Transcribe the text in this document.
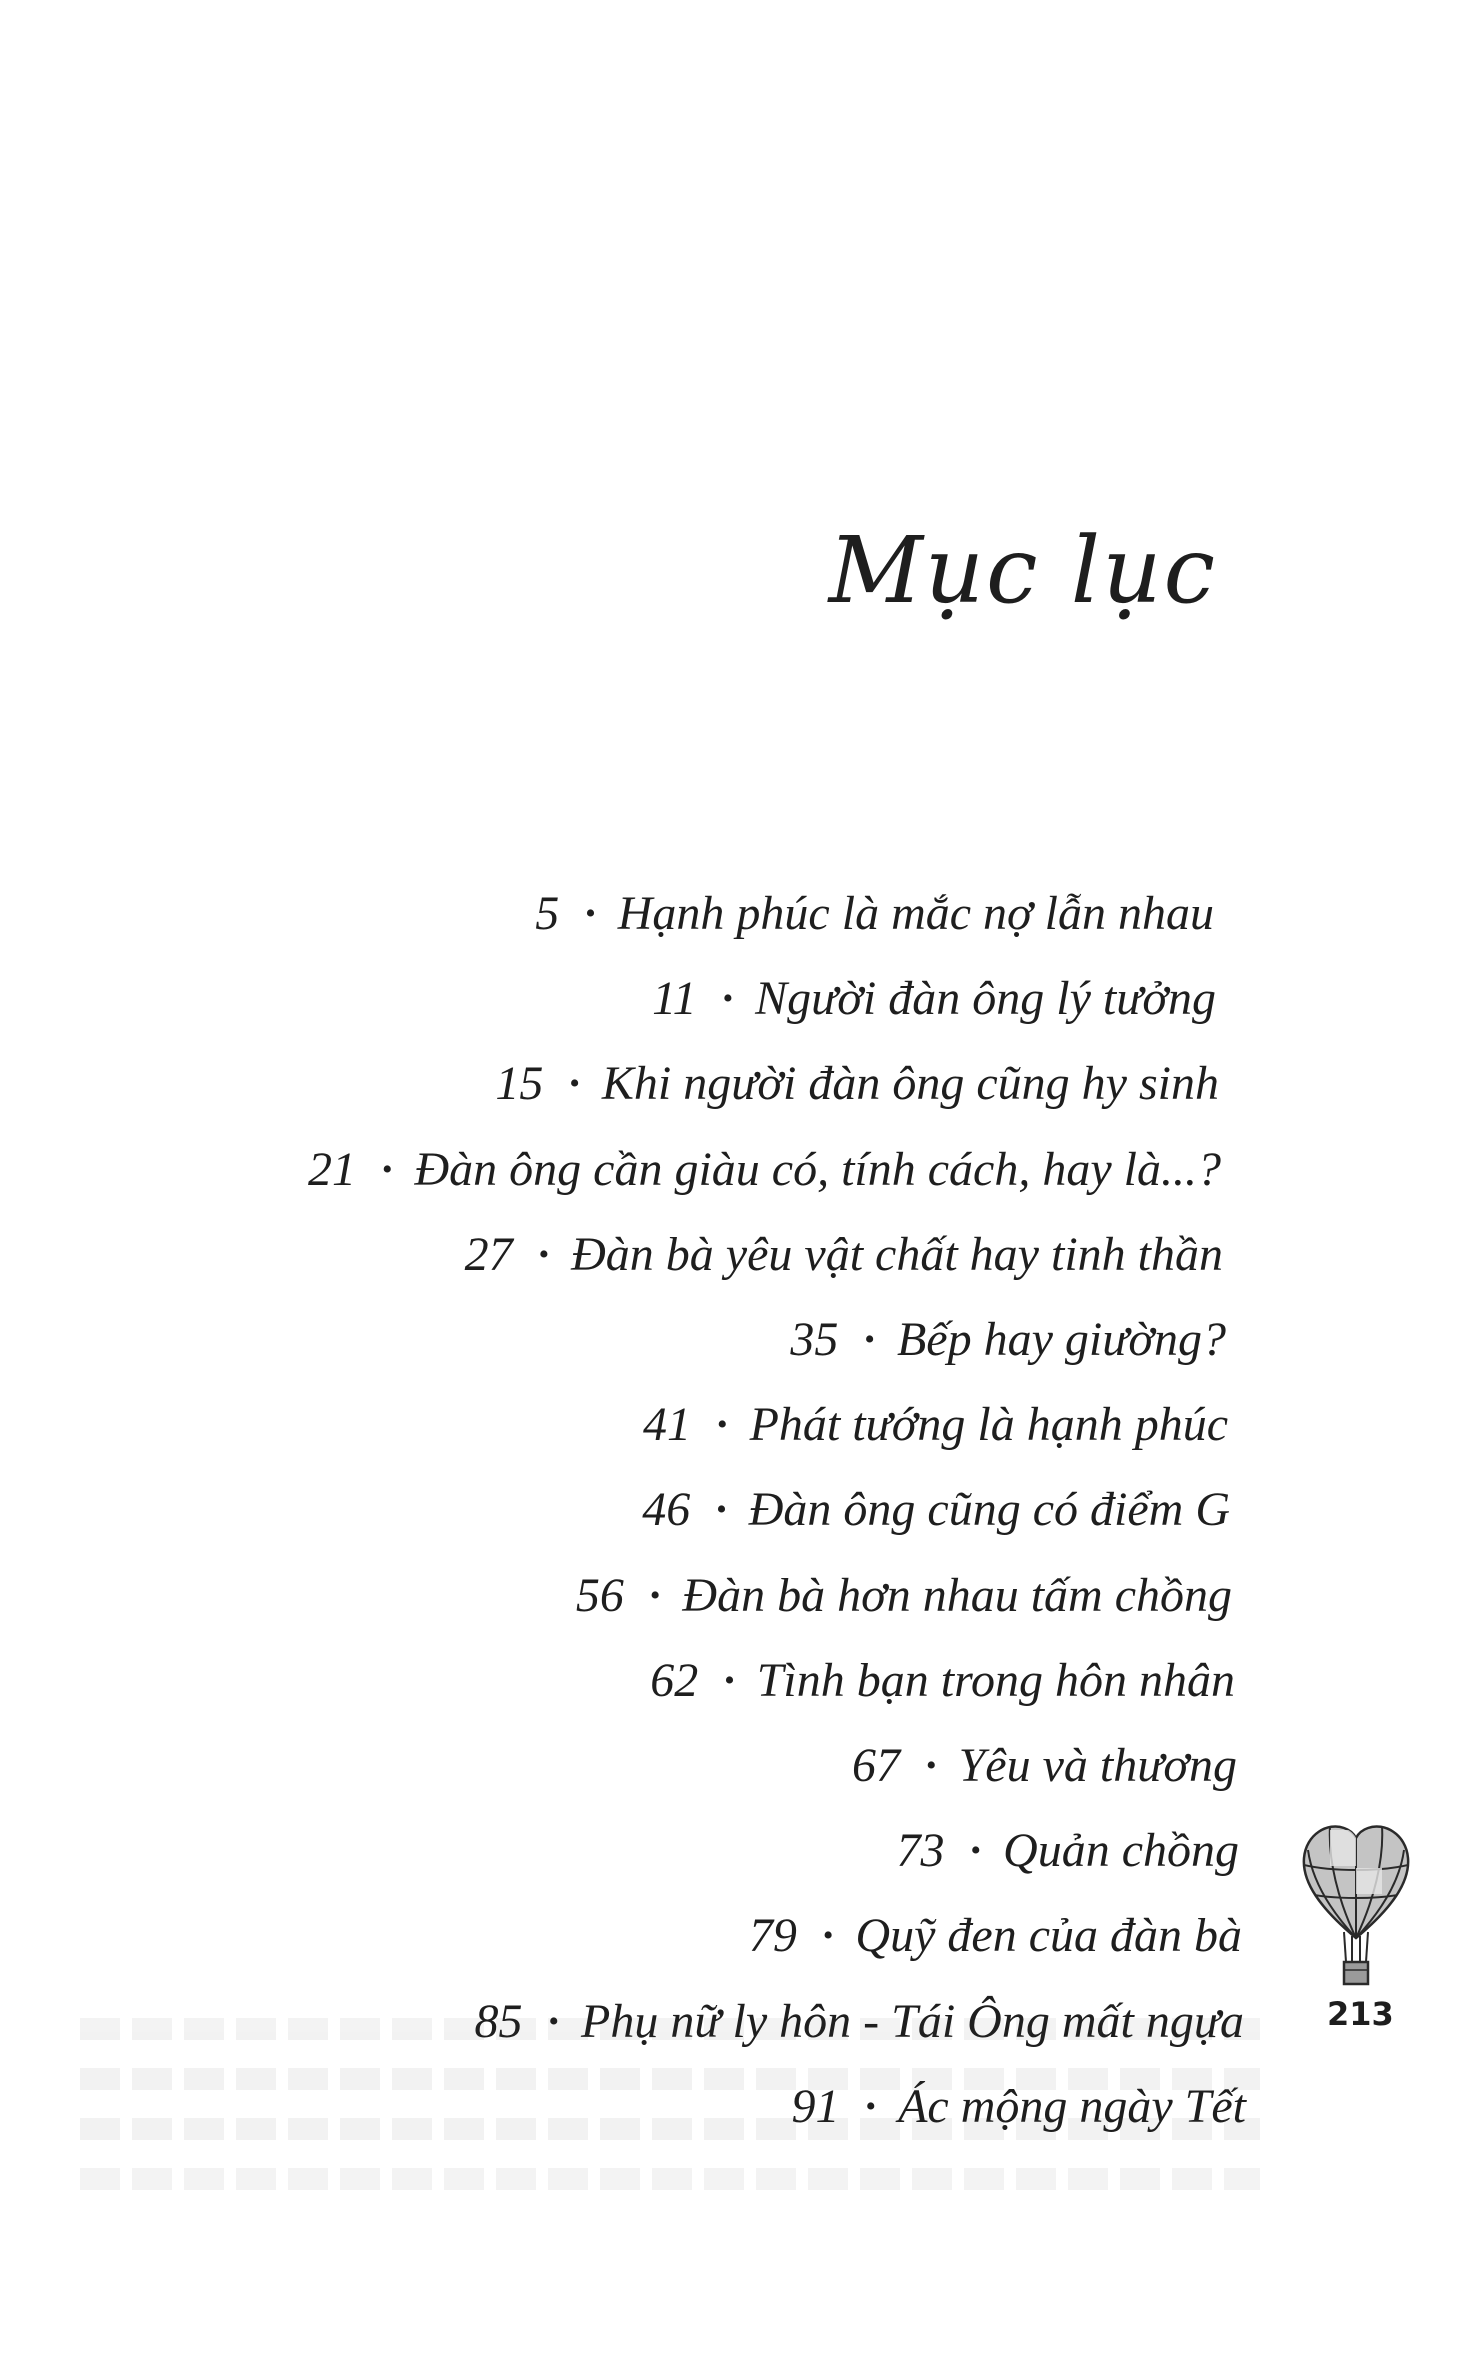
Mục lục
5 • Hạnh phúc là mắc nợ lẫn nhau
11 • Người đàn ông lý tưởng
15 • Khi người đàn ông cũng hy sinh
21 • Đàn ông cần giàu có, tính cách, hay là...?
27 • Đàn bà yêu vật chất hay tinh thần
35 • Bếp hay giường?
41 • Phát tướng là hạnh phúc
46 • Đàn ông cũng có điểm G
56 • Đàn bà hơn nhau tấm chồng
62 • Tình bạn trong hôn nhân
67 • Yêu và thương
73 • Quản chồng
79 • Quỹ đen của đàn bà
85 • Phụ nữ ly hôn - Tái Ông mất ngựa
91 • Ác mộng ngày Tết
213
